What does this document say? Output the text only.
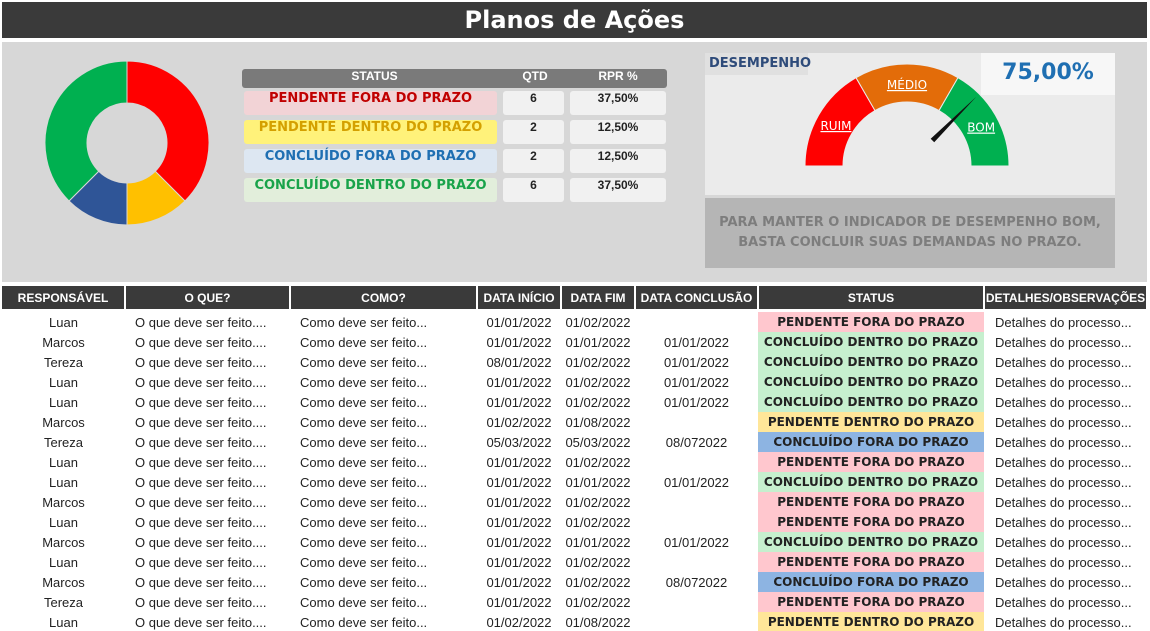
Planos de Ações
STATUS	QTD	RPR %
PENDENTE FORA DO PRAZO	6	37,50%
PENDENTE DENTRO DO PRAZO	2	12,50%
CONCLUÍDO FORA DO PRAZO	2	12,50%
CONCLUÍDO DENTRO DO PRAZO	6	37,50%
DESEMPENHO	75,00%
RUIM
MÉDIO
BOM
PARA MANTER O INDICADOR DE DESEMPENHO BOM,
BASTA CONCLUIR SUAS DEMANDAS NO PRAZO.
RESPONSÁVEL	O QUE?	COMO?	DATA INÍCIO	DATA FIM	DATA CONCLUSÃO	STATUS	DETALHES/OBSERVAÇÕES

Luan	O que deve ser feito....	Como deve ser feito...	01/01/2022	01/02/2022		PENDENTE FORA DO PRAZO	Detalhes do processo...
Marcos	O que deve ser feito....	Como deve ser feito...	01/01/2022	01/01/2022	01/01/2022	CONCLUÍDO DENTRO DO PRAZO	Detalhes do processo...
Tereza	O que deve ser feito....	Como deve ser feito...	08/01/2022	01/02/2022	01/01/2022	CONCLUÍDO DENTRO DO PRAZO	Detalhes do processo...
Luan	O que deve ser feito....	Como deve ser feito...	01/01/2022	01/02/2022	01/01/2022	CONCLUÍDO DENTRO DO PRAZO	Detalhes do processo...
Luan	O que deve ser feito....	Como deve ser feito...	01/01/2022	01/02/2022	01/01/2022	CONCLUÍDO DENTRO DO PRAZO	Detalhes do processo...
Marcos	O que deve ser feito....	Como deve ser feito...	01/02/2022	01/08/2022		PENDENTE DENTRO DO PRAZO	Detalhes do processo...
Tereza	O que deve ser feito....	Como deve ser feito...	05/03/2022	05/03/2022	08/072022	CONCLUÍDO FORA DO PRAZO	Detalhes do processo...
Luan	O que deve ser feito....	Como deve ser feito...	01/01/2022	01/02/2022		PENDENTE FORA DO PRAZO	Detalhes do processo...
Luan	O que deve ser feito....	Como deve ser feito...	01/01/2022	01/01/2022	01/01/2022	CONCLUÍDO DENTRO DO PRAZO	Detalhes do processo...
Marcos	O que deve ser feito....	Como deve ser feito...	01/01/2022	01/02/2022		PENDENTE FORA DO PRAZO	Detalhes do processo...
Luan	O que deve ser feito....	Como deve ser feito...	01/01/2022	01/02/2022		PENDENTE FORA DO PRAZO	Detalhes do processo...
Marcos	O que deve ser feito....	Como deve ser feito...	01/01/2022	01/01/2022	01/01/2022	CONCLUÍDO DENTRO DO PRAZO	Detalhes do processo...
Luan	O que deve ser feito....	Como deve ser feito...	01/01/2022	01/02/2022		PENDENTE FORA DO PRAZO	Detalhes do processo...
Marcos	O que deve ser feito....	Como deve ser feito...	01/01/2022	01/02/2022	08/072022	CONCLUÍDO FORA DO PRAZO	Detalhes do processo...
Tereza	O que deve ser feito....	Como deve ser feito...	01/01/2022	01/02/2022		PENDENTE FORA DO PRAZO	Detalhes do processo...
Luan	O que deve ser feito....	Como deve ser feito...	01/02/2022	01/08/2022		PENDENTE DENTRO DO PRAZO	Detalhes do processo...
